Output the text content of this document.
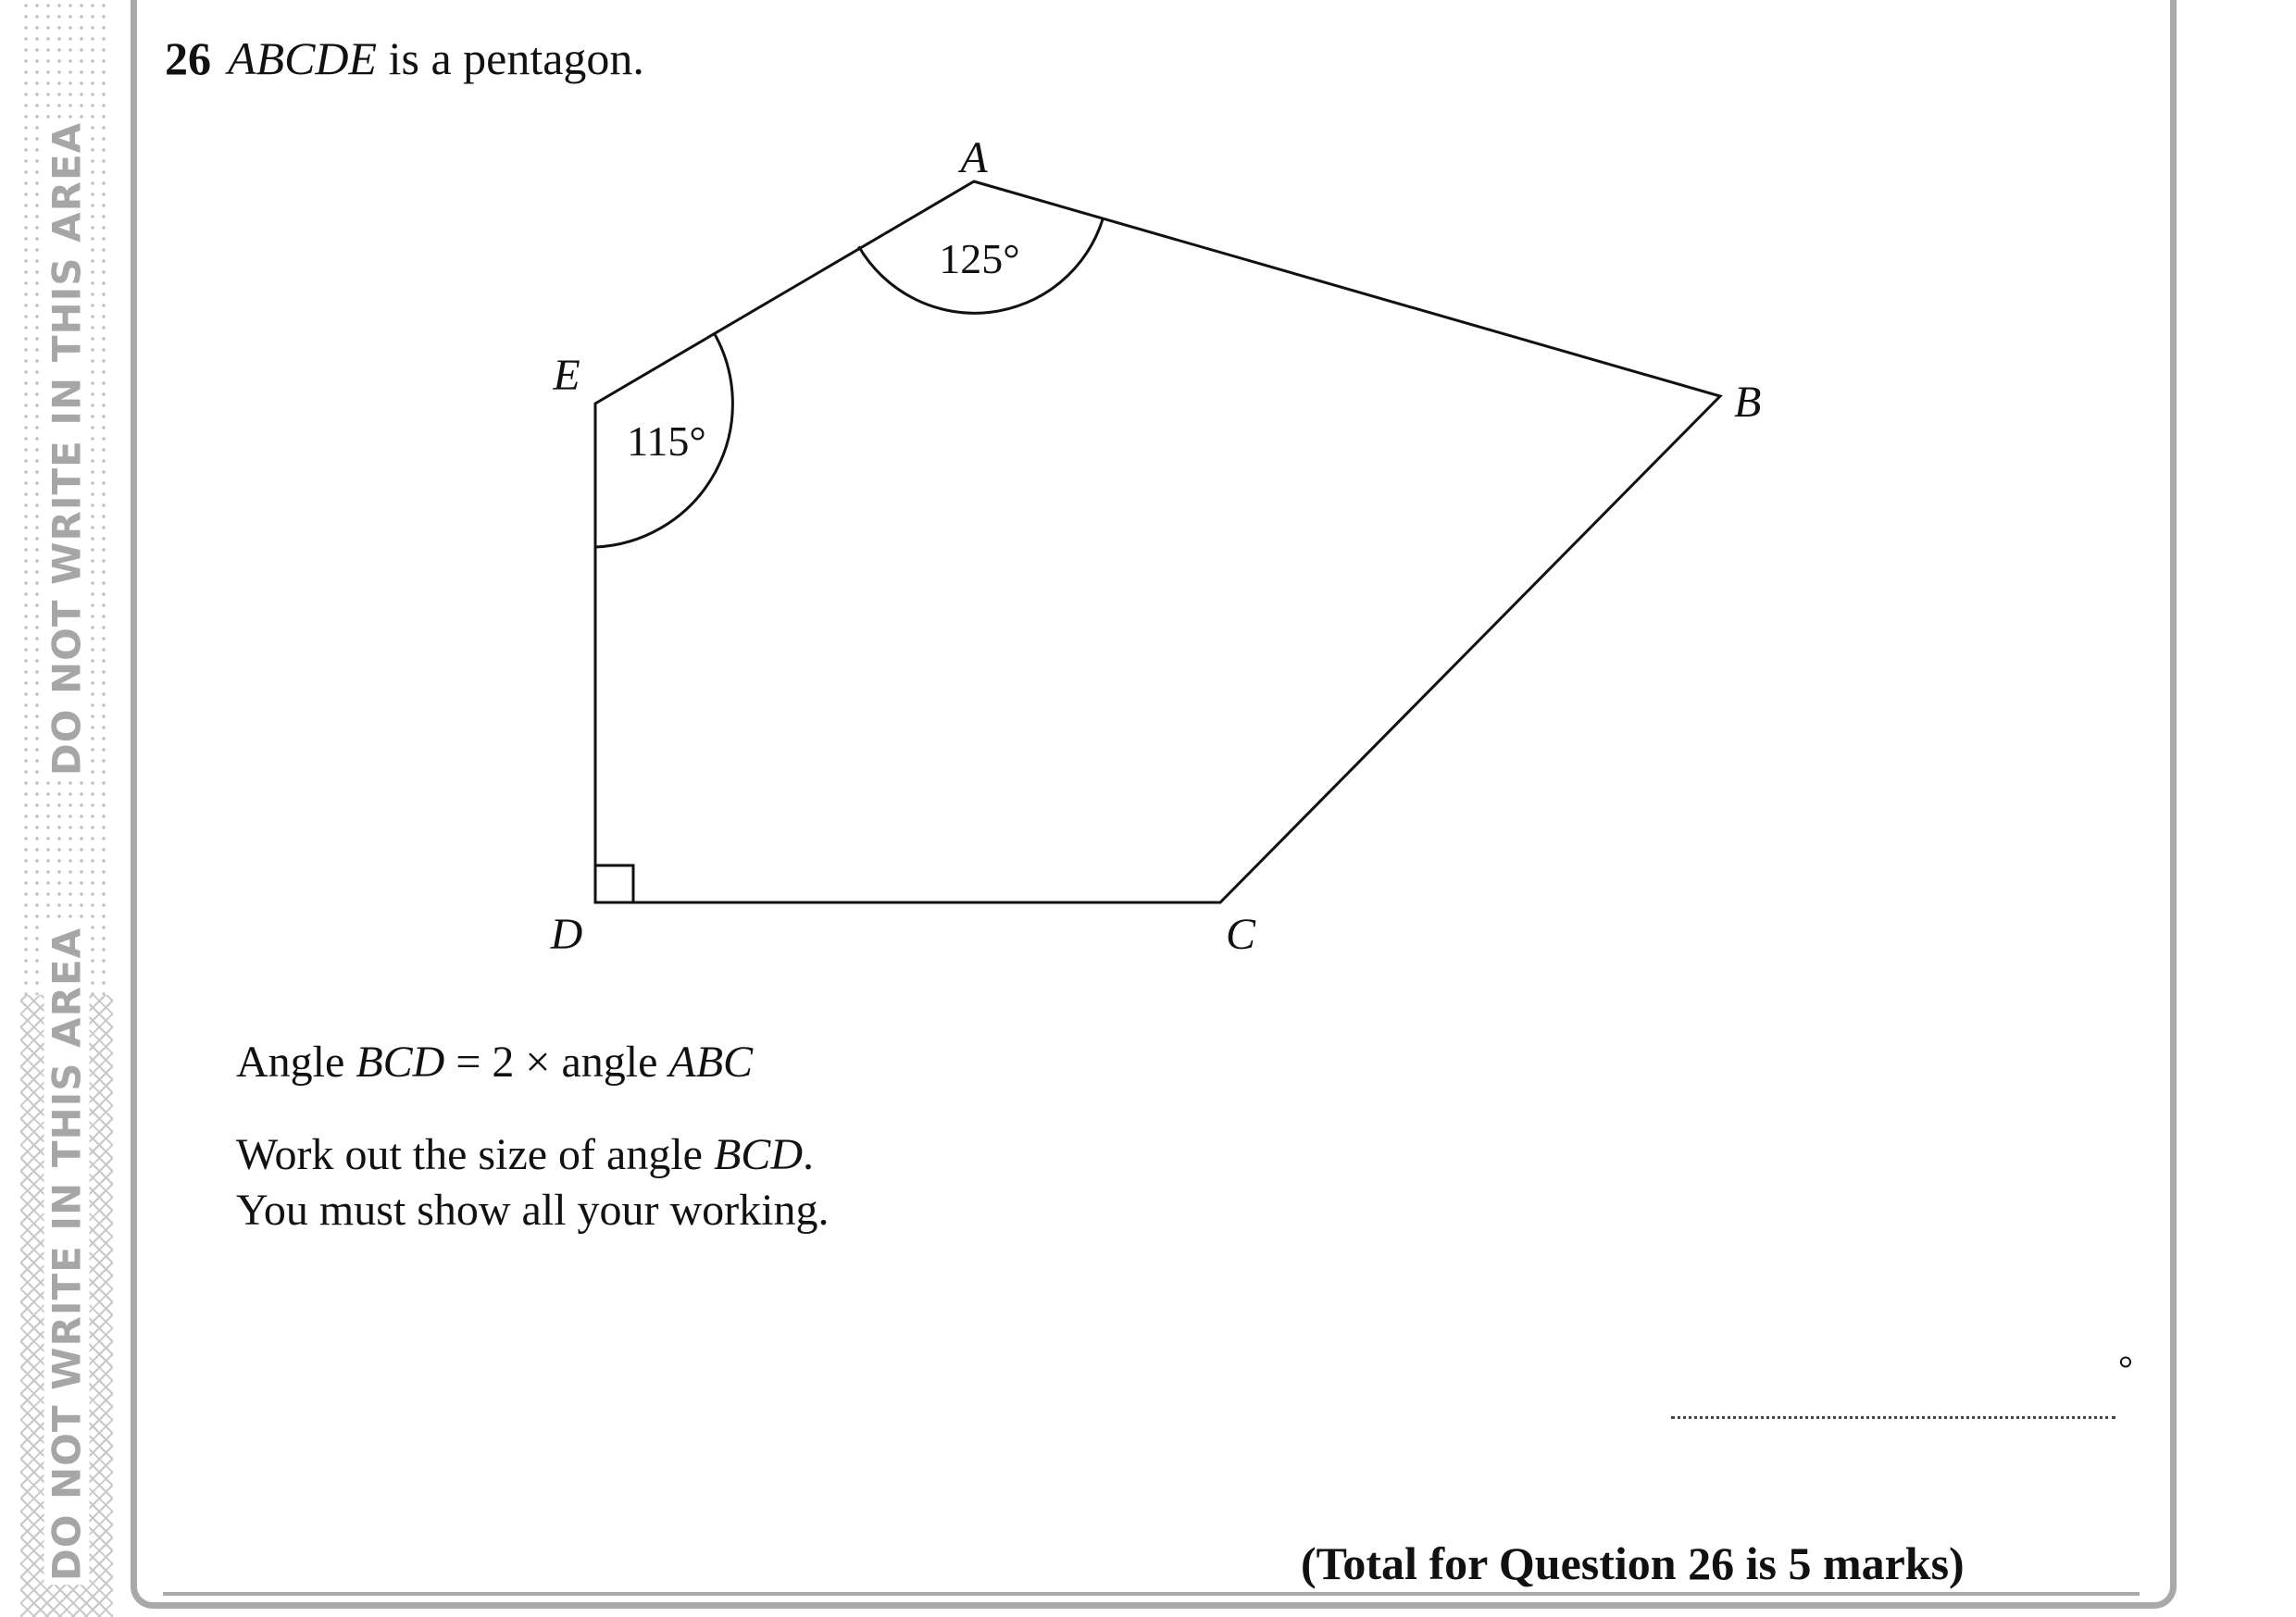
DO NOT WRITE IN THIS AREA
DO NOT WRITE IN THIS AREA
26 ABCDE is a pentagon.
A
B
C
D
E
125°
115°
Angle BCD = 2 × angle ABC
Work out the size of angle BCD.
You must show all your working.
°
(Total for Question 26 is 5 marks)
